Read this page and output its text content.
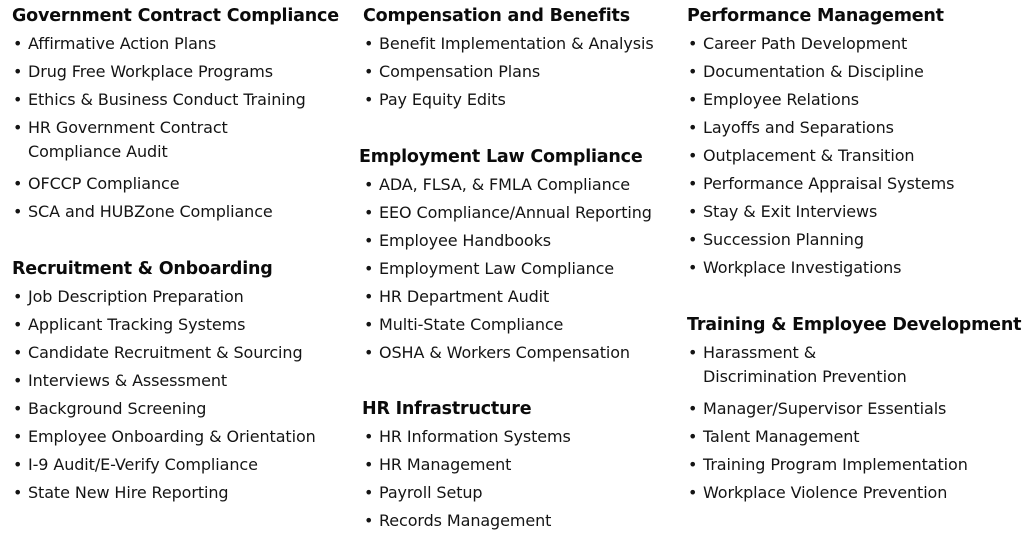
Government Contract Compliance
• Affirmative Action Plans
• Drug Free Workplace Programs
• Ethics & Business Conduct Training
• HR Government Contract Compliance Audit
• OFCCP Compliance
• SCA and HUBZone Compliance
Recruitment & Onboarding
• Job Description Preparation
• Applicant Tracking Systems
• Candidate Recruitment & Sourcing
• Interviews & Assessment
• Background Screening
• Employee Onboarding & Orientation
• I-9 Audit/E-Verify Compliance
• State New Hire Reporting
Compensation and Benefits
• Benefit Implementation & Analysis
• Compensation Plans
• Pay Equity Edits
Employment Law Compliance
• ADA, FLSA, & FMLA Compliance
• EEO Compliance/Annual Reporting
• Employee Handbooks
• Employment Law Compliance
• HR Department Audit
• Multi-State Compliance
• OSHA & Workers Compensation
HR Infrastructure
• HR Information Systems
• HR Management
• Payroll Setup
• Records Management
Performance Management
• Career Path Development
• Documentation & Discipline
• Employee Relations
• Layoffs and Separations
• Outplacement & Transition
• Performance Appraisal Systems
• Stay & Exit Interviews
• Succession Planning
• Workplace Investigations
Training & Employee Development
• Harassment & Discrimination Prevention
• Manager/Supervisor Essentials
• Talent Management
• Training Program Implementation
• Workplace Violence Prevention
